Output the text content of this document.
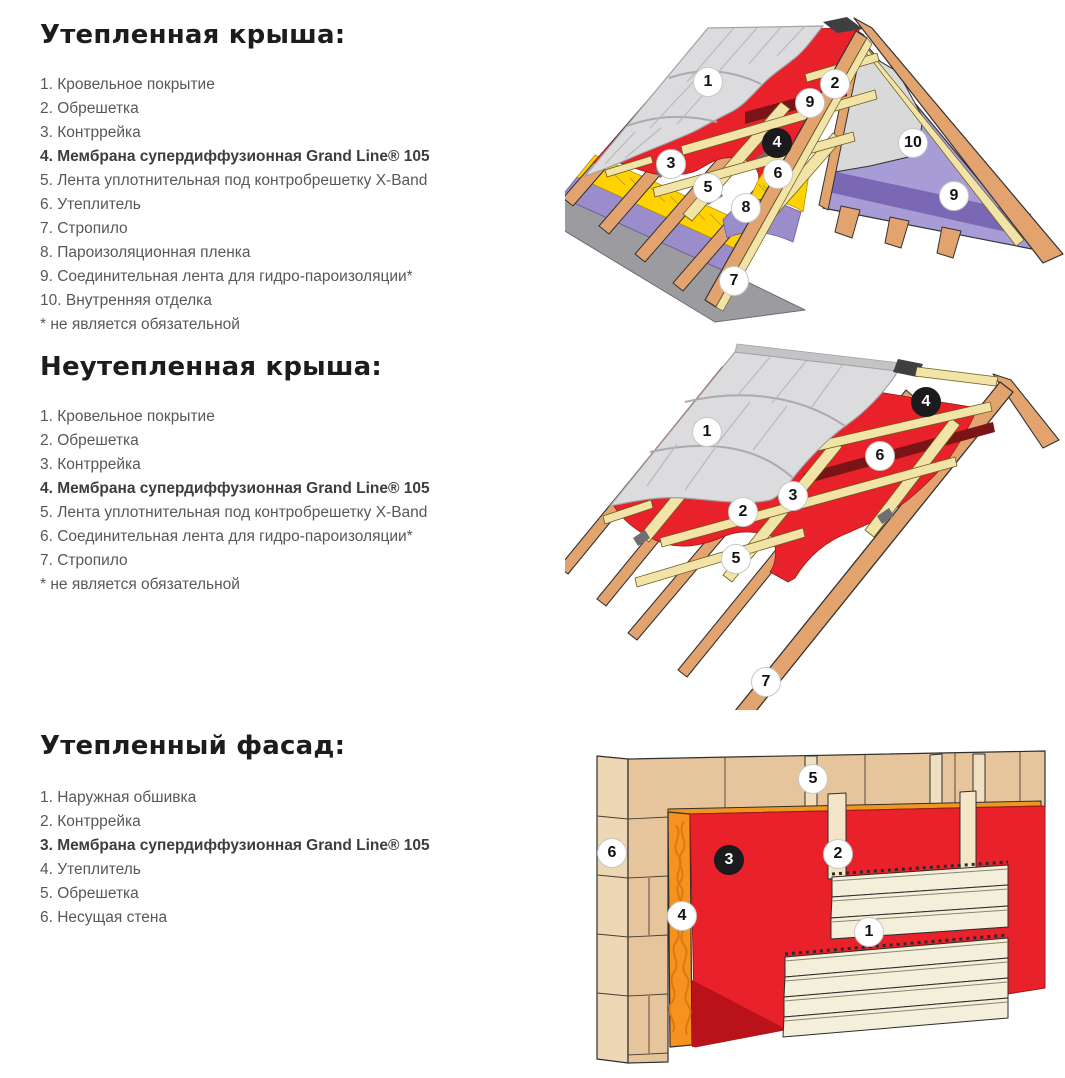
Утепленная крыша:
1. Кровельное покрытие
2. Обрешетка
3. Контррейка
4. Мембрана супердиффузионная Grand Line® 105
5. Лента уплотнительная под контробрешетку X-Band
6. Утеплитель
7. Стропило
8. Пароизоляционная пленка
9. Соединительная лента для гидро-пароизоляции*
10. Внутренняя отделка
* не является обязательной
Неутепленная крыша:
1. Кровельное покрытие
2. Обрешетка
3. Контррейка
4. Мембрана супердиффузионная Grand Line® 105
5. Лента уплотнительная под контробрешетку X-Band
6. Соединительная лента для гидро-пароизоляции*
7. Стропило
* не является обязательной
Утепленный фасад:
1. Наружная обшивка
2. Контррейка
3. Мембрана супердиффузионная Grand Line® 105
4. Утеплитель
5. Обрешетка
6. Несущая стена
1	2
9
4	10
3
6
5	9
8
7
1
4
6
3
2
5
7
5
6	2
3
4
1
